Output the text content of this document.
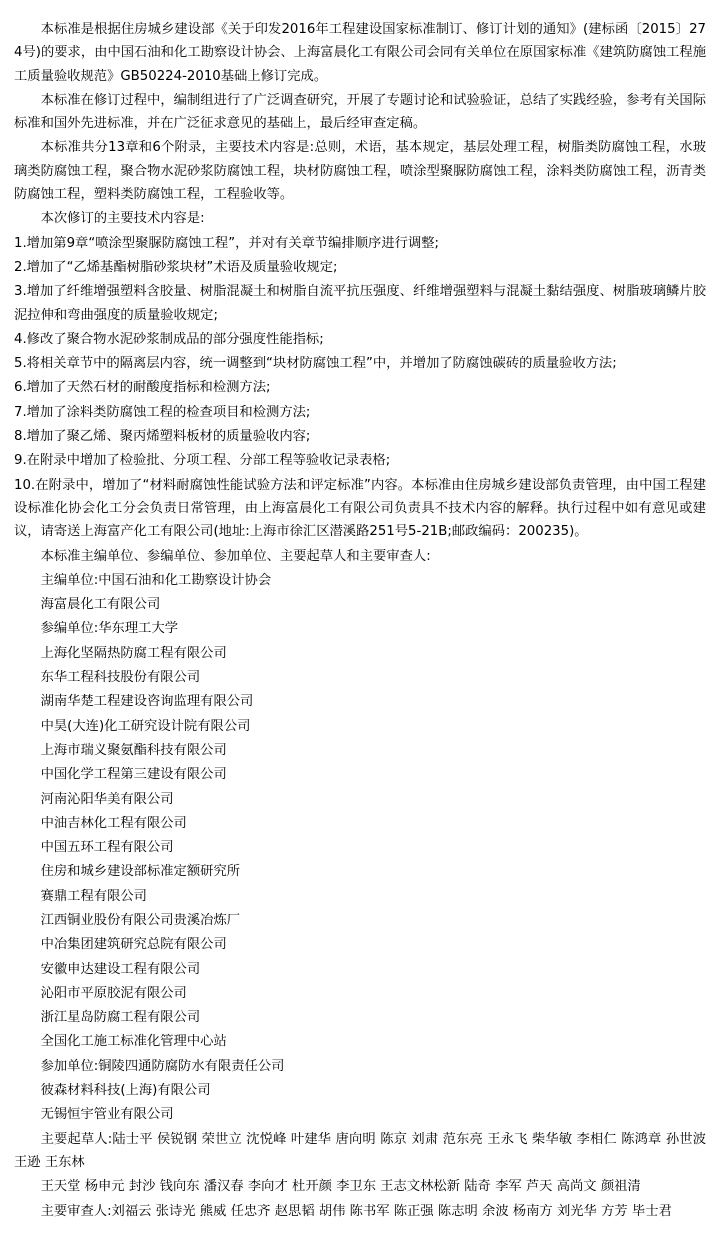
本标准是根据住房城乡建设部《关于印发2016年工程建设国家标准制订、修订计划的通知》(建标函〔2015〕274号)的要求，由中国石油和化工勘察设计协会、上海富晨化工有限公司会同有关单位在原国家标准《建筑防腐蚀工程施工质量验收规范》GB50224-2010基础上修订完成。

本标准在修订过程中，编制组进行了广泛调查研究，开展了专题讨论和试验验证，总结了实践经验，参考有关国际标准和国外先进标准，并在广泛征求意见的基础上，最后经审查定稿。

本标准共分13章和6个附录，主要技术内容是:总则，术语，基本规定，基层处理工程，树脂类防腐蚀工程，水玻璃类防腐蚀工程，聚合物水泥砂浆防腐蚀工程，块材防腐蚀工程，喷涂型聚脲防腐蚀工程，涂料类防腐蚀工程，沥青类防腐蚀工程，塑料类防腐蚀工程，工程验收等。

本次修订的主要技术内容是:

1.增加第9章“喷涂型聚脲防腐蚀工程”，并对有关章节编排顺序进行调整;

2.增加了“乙烯基酯树脂砂浆块材”术语及质量验收规定;

3.增加了纤维增强塑料含胶量、树脂混凝土和树脂自流平抗压强度、纤维增强塑料与混凝土黏结强度、树脂玻璃鳞片胶泥拉伸和弯曲强度的质量验收规定;

4.修改了聚合物水泥砂浆制成品的部分强度性能指标;

5.将相关章节中的隔离层内容，统一调整到“块材防腐蚀工程”中，并增加了防腐蚀碳砖的质量验收方法;

6.增加了天然石材的耐酸度指标和检测方法;

7.增加了涂料类防腐蚀工程的检查项目和检测方法;

8.增加了聚乙烯、聚丙烯塑料板材的质量验收内容;

9.在附录中增加了检验批、分项工程、分部工程等验收记录表格;

10.在附录中，增加了“材料耐腐蚀性能试验方法和评定标准”内容。本标准由住房城乡建设部负责管理，由中国工程建设标准化协会化工分会负责日常管理，由上海富晨化工有限公司负责具不技术内容的解释。执行过程中如有意见或建议，请寄送上海富产化工有限公司(地址:上海市徐汇区潜溪路251号5-21B;邮政编码：200235)。

本标准主编单位、参编单位、参加单位、主要起草人和主要审查人:

主编单位:中国石油和化工勘察设计协会

海富晨化工有限公司

参编单位:华东理工大学

上海化坚隔热防腐工程有限公司

东华工程科技股份有限公司

湖南华楚工程建设咨询监理有限公司

中昊(大连)化工研究设计院有限公司

上海市瑞义聚氨酯科技有限公司

中国化学工程第三建设有限公司

河南沁阳华美有限公司

中油吉林化工程有限公司

中国五环工程有限公司

住房和城乡建设部标准定额研究所

赛鼎工程有限公司

江西铜业股份有限公司贵溪冶炼厂

中冶集团建筑研究总院有限公司

安徽申达建设工程有限公司

沁阳市平原胶泥有限公司

浙江星岛防腐工程有限公司

全国化工施工标准化管理中心站

参加单位:铜陵四通防腐防水有限责任公司

彼森材料科技(上海)有限公司

无锡恒宇管业有限公司

主要起草人:陆士平 侯锐钢 荣世立 沈悦峰 叶建华 唐向明 陈京 刘肃 范东亮 王永飞 柴华敏 李相仁 陈鸿章 孙世波 王逊 王东林

王天堂 杨申元 封沙 钱向东 潘汉春 李向才 杜开颜 李卫东 王志文林松新 陆奇 李军 芦天 高尚文 颜祖清

主要审查人:刘福云 张诗光 熊威 任忠齐 赵思韬 胡伟 陈书军 陈正强 陈志明 余波 杨南方 刘光华 方芳 毕士君
